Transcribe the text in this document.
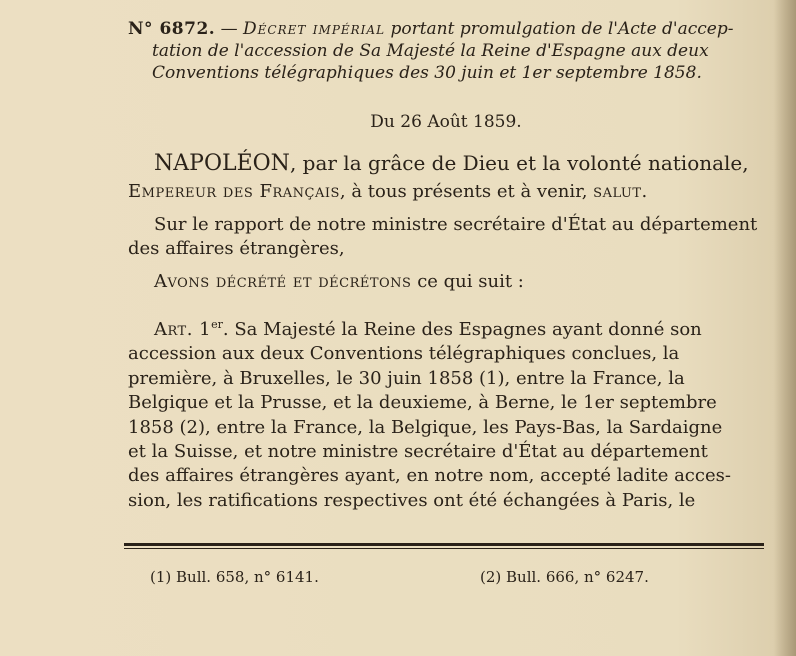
N° 6872. — Décret impérial portant promulgation de l'Acte d'accep-
tation de l'accession de Sa Majesté la Reine d'Espagne aux deux
Conventions télégraphiques des 30 juin et 1er septembre 1858.
Du 26 Août 1859.
NAPOLÉON, par la grâce de Dieu et la volonté nationale,
Empereur des Français, à tous présents et à venir, salut.
Sur le rapport de notre ministre secrétaire d'État au département
des affaires étrangères,
Avons décrété et décrétons ce qui suit :
Art. 1er. Sa Majesté la Reine des Espagnes ayant donné son
accession aux deux Conventions télégraphiques conclues, la
première, à Bruxelles, le 30 juin 1858 (1), entre la France, la
Belgique et la Prusse, et la deuxieme, à Berne, le 1er septembre
1858 (2), entre la France, la Belgique, les Pays-Bas, la Sardaigne
et la Suisse, et notre ministre secrétaire d'État au département
des affaires étrangères ayant, en notre nom, accepté ladite acces-
sion, les ratifications respectives ont été échangées à Paris, le
(1) Bull. 658, n° 6141.	(2) Bull. 666, n° 6247.
